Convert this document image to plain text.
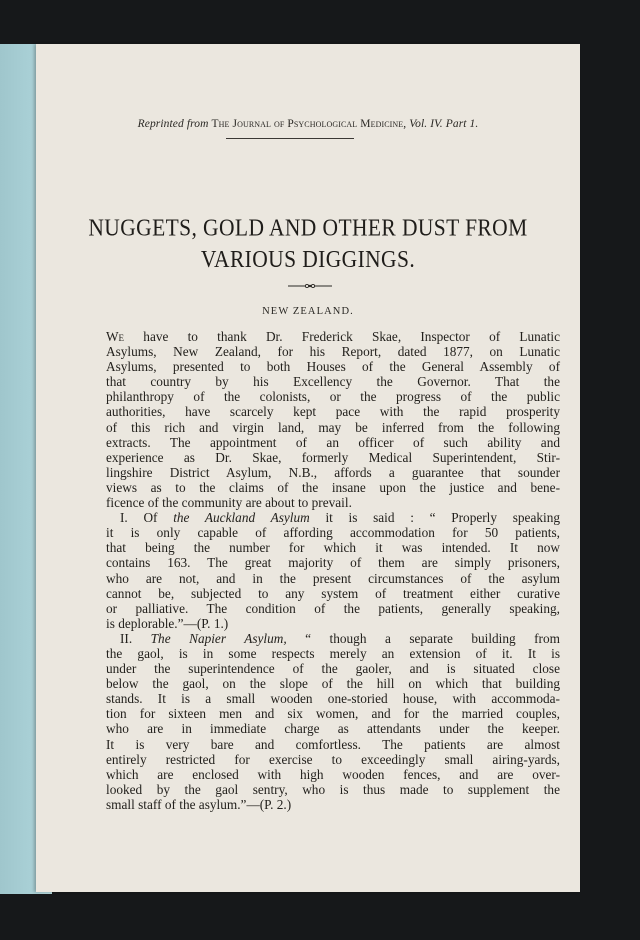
Reprinted from The Journal of Psychological Medicine, Vol. IV. Part 1.
NUGGETS, GOLD AND OTHER DUST FROM
VARIOUS DIGGINGS.
NEW ZEALAND.
We have to thank Dr. Frederick Skae, Inspector of Lunatic
Asylums, New Zealand, for his Report, dated 1877, on Lunatic
Asylums, presented to both Houses of the General Assembly of
that country by his Excellency the Governor. That the
philanthropy of the colonists, or the progress of the public
authorities, have scarcely kept pace with the rapid prosperity
of this rich and virgin land, may be inferred from the following
extracts. The appointment of an officer of such ability and
experience as Dr. Skae, formerly Medical Superintendent, Stir-
lingshire District Asylum, N.B., affords a guarantee that sounder
views as to the claims of the insane upon the justice and bene-
ficence of the community are about to prevail.
I. Of the Auckland Asylum it is said : “ Properly speaking
it is only capable of affording accommodation for 50 patients,
that being the number for which it was intended. It now
contains 163. The great majority of them are simply prisoners,
who are not, and in the present circumstances of the asylum
cannot be, subjected to any system of treatment either curative
or palliative. The condition of the patients, generally speaking,
is deplorable.”—(P. 1.)
II. The Napier Asylum, “ though a separate building from
the gaol, is in some respects merely an extension of it. It is
under the superintendence of the gaoler, and is situated close
below the gaol, on the slope of the hill on which that building
stands. It is a small wooden one-storied house, with accommoda-
tion for sixteen men and six women, and for the married couples,
who are in immediate charge as attendants under the keeper.
It is very bare and comfortless. The patients are almost
entirely restricted for exercise to exceedingly small airing-yards,
which are enclosed with high wooden fences, and are over-
looked by the gaol sentry, who is thus made to supplement the
small staff of the asylum.”—(P. 2.)
